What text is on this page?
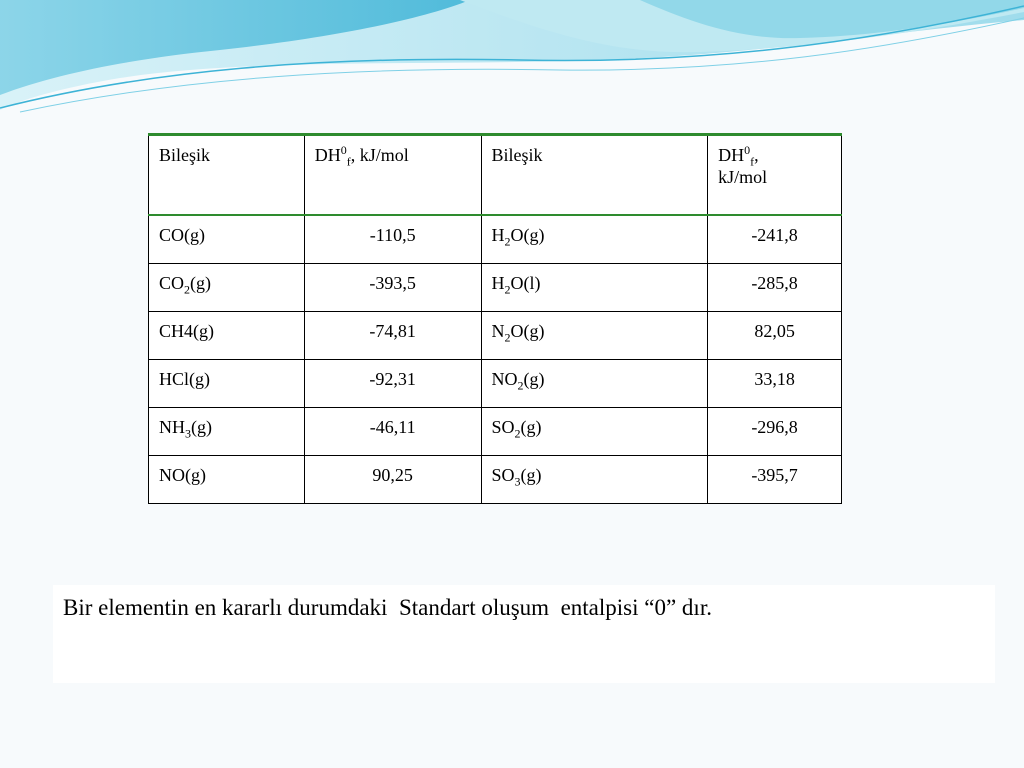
Bileşik	$DH^0_f$, kJ/mol	Bileşik	$DH^0_f$,
kJ/mol
CO(g)	-110,5	$H_2O(g)$	-241,8
$CO_2(g)$	-393,5	$H_2O(l)$	-285,8
CH4(g)	-74,81	$N_2O(g)$	82,05
HCl(g)	-92,31	$NO_2(g)$	33,18
$NH_3(g)$	-46,11	$SO_2(g)$	-296,8
NO(g)	90,25	$SO_3(g)$	-395,7
Bir elementin en kararlı durumdaki  Standart oluşum  entalpisi “0” dır.
